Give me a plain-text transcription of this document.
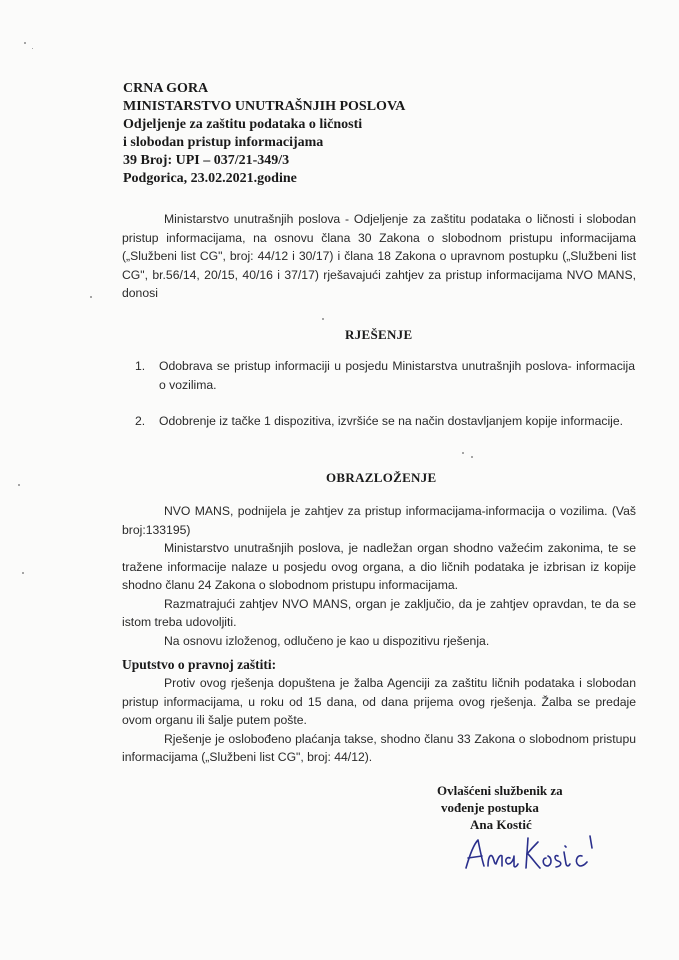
CRNA GORA
MINISTARSTVO UNUTRAŠNJIH POSLOVA
Odjeljenje za zaštitu podataka o ličnosti
i slobodan pristup informacijama
39 Broj: UPI – 037/21-349/3
Podgorica, 23.02.2021.godine

Ministarstvo unutrašnjih poslova - Odjeljenje za zaštitu podataka o ličnosti i slobodan pristup informacijama, na osnovu člana 30 Zakona o slobodnom pristupu informacijama („Službeni list CG", broj: 44/12 i 30/17) i člana 18 Zakona o upravnom postupku („Službeni list CG", br.56/14, 20/15, 40/16 i 37/17) rješavajući zahtjev za pristup informacijama NVO MANS, donosi

RJEŠENJE
1.	Odobrava se pristup informaciji u posjedu Ministarstva unutrašnjih poslova- informacija o vozilima.
2.	Odobrenje iz tačke 1 dispozitiva, izvršiće se na način dostavljanjem kopije informacije.
OBRAZLOŽENJE

NVO MANS, podnijela je zahtjev za pristup informacijama-informacija o vozilima. (Vaš broj:133195)

Ministarstvo unutrašnjih poslova, je nadležan organ shodno važećim zakonima, te se tražene informacije nalaze u posjedu ovog organa, a dio ličnih podataka je izbrisan iz kopije shodno članu 24 Zakona o slobodnom pristupu informacijama.

Razmatrajući zahtjev NVO MANS, organ je zaključio, da je zahtjev opravdan, te da se istom treba udovoljiti.

Na osnovu izloženog, odlučeno je kao u dispozitivu rješenja.

Uputstvo o pravnoj zaštiti:

Protiv ovog rješenja dopuštena je žalba Agenciji za zaštitu ličnih podataka i slobodan pristup informacijama, u roku od 15 dana, od dana prijema ovog rješenja. Žalba se predaje ovom organu ili šalje putem pošte.

Rješenje je oslobođeno plaćanja takse, shodno članu 33 Zakona o slobodnom pristupu informacijama („Službeni list CG", broj: 44/12).

Ovlašćeni službenik za
vođenje postupka
Ana Kostić
